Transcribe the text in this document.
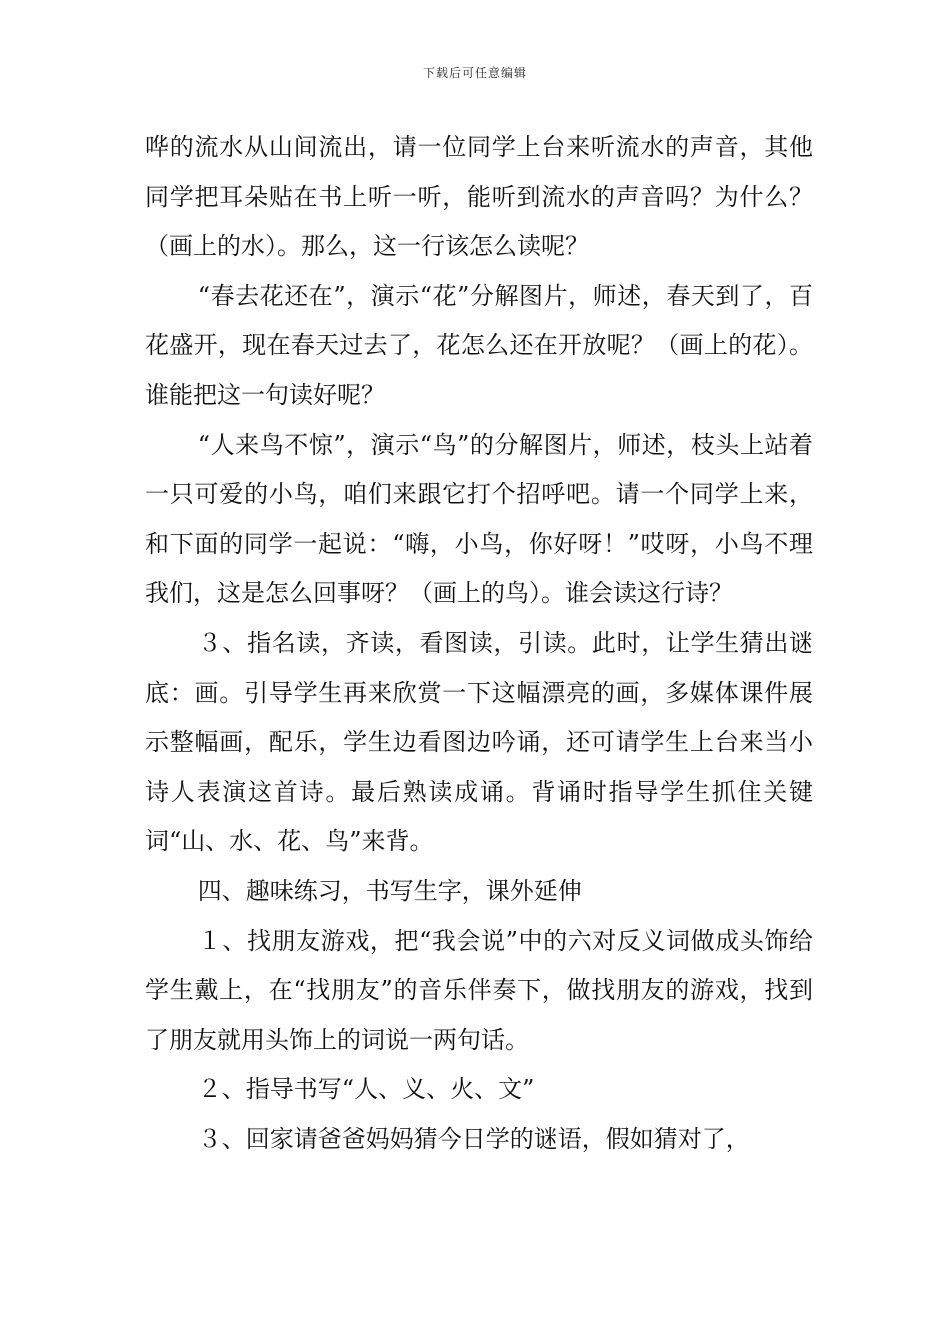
下载后可任意编辑

哗的流水从山间流出，请一位同学上台来听流水的声音，其他同学把耳朵贴在书上听一听，能听到流水的声音吗？为什么？（画上的水）。那么，这一行该怎么读呢？

“春去花还在”，演示“花”分解图片，师述，春天到了，百花盛开，现在春天过去了，花怎么还在开放呢？（画上的花）。谁能把这一句读好呢？

“人来鸟不惊”，演示“鸟”的分解图片，师述，枝头上站着一只可爱的小鸟，咱们来跟它打个招呼吧。请一个同学上来，和下面的同学一起说：“嗨，小鸟，你好呀！”哎呀，小鸟不理我们，这是怎么回事呀？（画上的鸟）。谁会读这行诗？

３、指名读，齐读，看图读，引读。此时，让学生猜出谜底：画。引导学生再来欣赏一下这幅漂亮的画，多媒体课件展示整幅画，配乐，学生边看图边吟诵，还可请学生上台来当小诗人表演这首诗。最后熟读成诵。背诵时指导学生抓住关键词“山、水、花、鸟”来背。

四、趣味练习，书写生字，课外延伸

１、找朋友游戏，把“我会说”中的六对反义词做成头饰给学生戴上，在“找朋友”的音乐伴奏下，做找朋友的游戏，找到了朋友就用头饰上的词说一两句话。

２、指导书写“人、义、火、文”

３、回家请爸爸妈妈猜今日学的谜语，假如猜对了，
